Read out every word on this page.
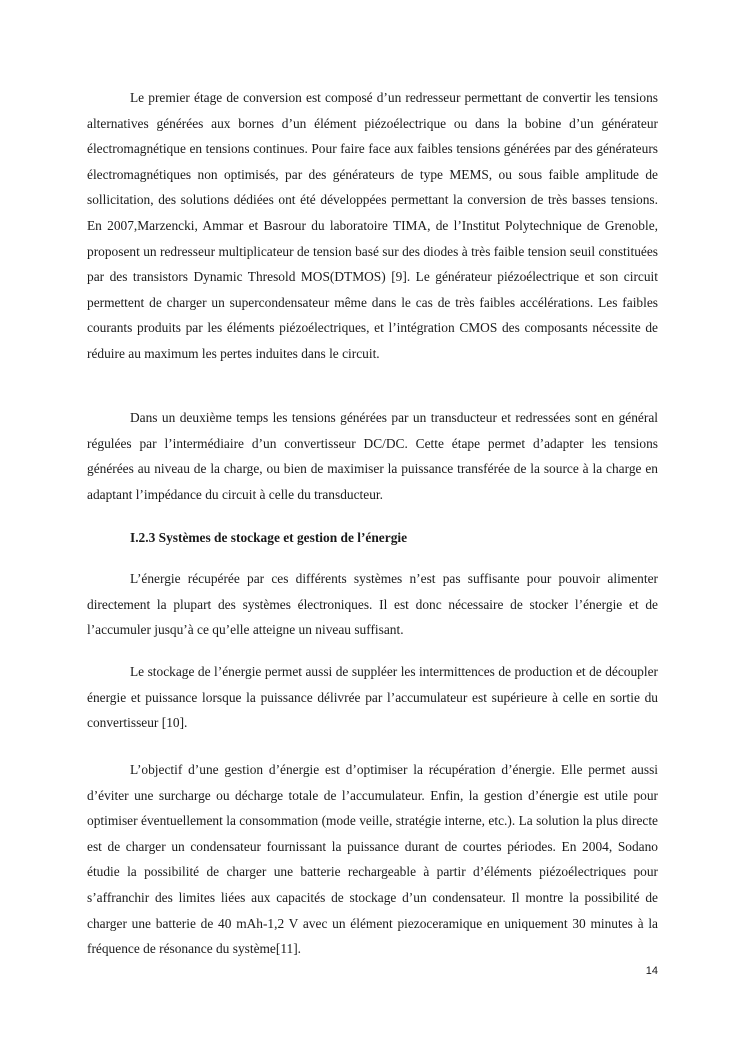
Le premier étage de conversion est composé d’un redresseur permettant de convertir les tensions alternatives générées aux bornes d’un élément piézoélectrique ou dans la bobine d’un générateur électromagnétique en tensions continues. Pour faire face aux faibles tensions générées par des générateurs électromagnétiques non optimisés, par des générateurs de type MEMS, ou sous faible amplitude de sollicitation, des solutions dédiées ont été développées permettant la conversion de très basses tensions. En 2007,Marzencki, Ammar et Basrour du laboratoire TIMA, de l’Institut Polytechnique de Grenoble, proposent un redresseur multiplicateur de tension basé sur des diodes à très faible tension seuil constituées par des transistors Dynamic Thresold MOS(DTMOS) [9]. Le générateur piézoélectrique et son circuit permettent de charger un supercondensateur même dans le cas de très faibles accélérations. Les faibles courants produits par les éléments piézoélectriques, et l’intégration CMOS des composants nécessite de réduire au maximum les pertes induites dans le circuit.

Dans un deuxième temps les tensions générées par un transducteur et redressées sont en général régulées par l’intermédiaire d’un convertisseur DC/DC. Cette étape permet d’adapter les tensions générées au niveau de la charge, ou bien de maximiser la puissance transférée de la source à la charge en adaptant l’impédance du circuit à celle du transducteur.

I.2.3 Systèmes de stockage et gestion de l’énergie

L’énergie récupérée par ces différents systèmes n’est pas suffisante pour pouvoir alimenter directement la plupart des systèmes électroniques. Il est donc nécessaire de stocker l’énergie et de l’accumuler jusqu’à ce qu’elle atteigne un niveau suffisant.

Le stockage de l’énergie permet aussi de suppléer les intermittences de production et de découpler énergie et puissance lorsque la puissance délivrée par l’accumulateur est supérieure à celle en sortie du convertisseur [10].

L’objectif d’une gestion d’énergie est d’optimiser la récupération d’énergie. Elle permet aussi d’éviter une surcharge ou décharge totale de l’accumulateur. Enfin, la gestion d’énergie est utile pour optimiser éventuellement la consommation (mode veille, stratégie interne, etc.). La solution la plus directe est de charger un condensateur fournissant la puissance durant de courtes périodes. En 2004, Sodano étudie la possibilité de charger une batterie rechargeable à partir d’éléments piézoélectriques pour s’affranchir des limites liées aux capacités de stockage d’un condensateur. Il montre la possibilité de charger une batterie de 40 mAh-1,2 V avec un élément piezoceramique en uniquement 30 minutes à la fréquence de résonance du système[11].

14
